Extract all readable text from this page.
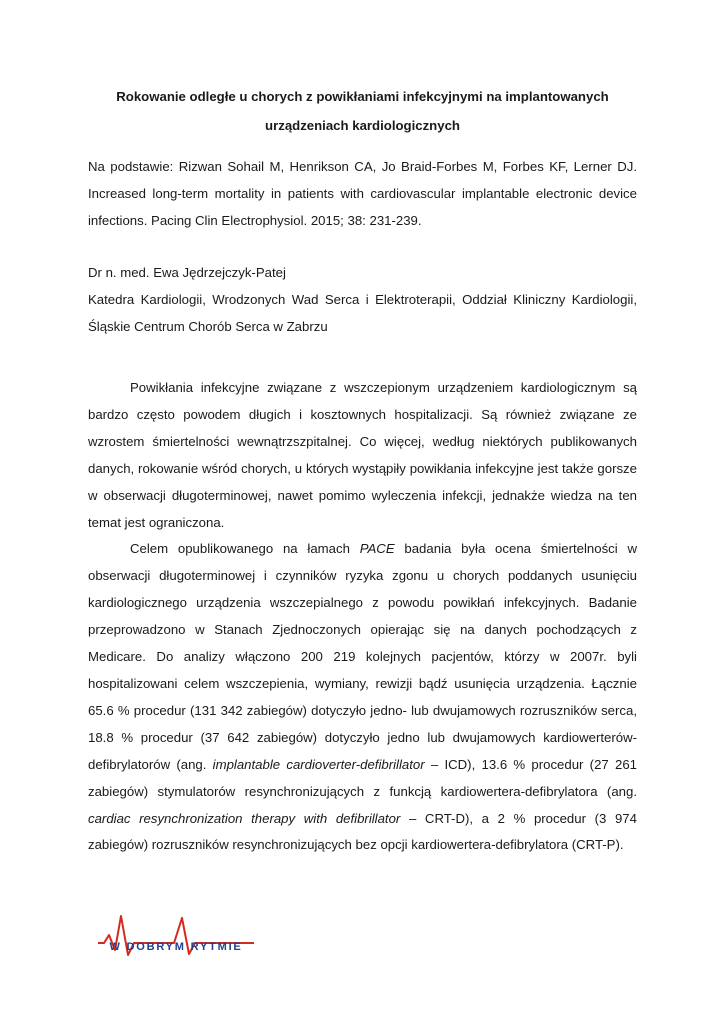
Rokowanie odległe u chorych z powikłaniami infekcyjnymi na implantowanych
urządzeniach kardiologicznych
Na podstawie: Rizwan Sohail M, Henrikson CA, Jo Braid-Forbes M, Forbes KF, Lerner DJ. Increased long-term mortality in patients with cardiovascular implantable electronic device infections. Pacing Clin Electrophysiol. 2015; 38: 231-239.
Dr n. med. Ewa Jędrzejczyk-Patej
Katedra Kardiologii, Wrodzonych Wad Serca i Elektroterapii, Oddział Kliniczny Kardiologii, Śląskie Centrum Chorób Serca w Zabrzu

Powikłania infekcyjne związane z wszczepionym urządzeniem kardiologicznym są bardzo często powodem długich i kosztownych hospitalizacji. Są również związane ze wzrostem śmiertelności wewnątrzszpitalnej. Co więcej, według niektórych publikowanych danych, rokowanie wśród chorych, u których wystąpiły powikłania infekcyjne jest także gorsze w obserwacji długoterminowej, nawet pomimo wyleczenia infekcji, jednakże wiedza na ten temat jest ograniczona.

Celem opublikowanego na łamach PACE badania była ocena śmiertelności w obserwacji długoterminowej i czynników ryzyka zgonu u chorych poddanych usunięciu kardiologicznego urządzenia wszczepialnego z powodu powikłań infekcyjnych. Badanie przeprowadzono w Stanach Zjednoczonych opierając się na danych pochodzących z Medicare. Do analizy włączono 200 219 kolejnych pacjentów, którzy w 2007r. byli hospitalizowani celem wszczepienia, wymiany, rewizji bądź usunięcia urządzenia. Łącznie 65.6 % procedur (131 342 zabiegów) dotyczyło jedno- lub dwujamowych rozruszników serca, 18.8 % procedur (37 642 zabiegów) dotyczyło jedno lub dwujamowych kardiowerterów-defibrylatorów (ang. implantable cardioverter-defibrillator – ICD), 13.6 % procedur (27 261 zabiegów) stymulatorów resynchronizujących z funkcją kardiowertera-defibrylatora (ang. cardiac resynchronization therapy with defibrillator – CRT-D), a 2 % procedur (3 974 zabiegów) rozruszników resynchronizujących bez opcji kardiowertera-defibrylatora (CRT-P).

W DOBRYM RYTMIE
